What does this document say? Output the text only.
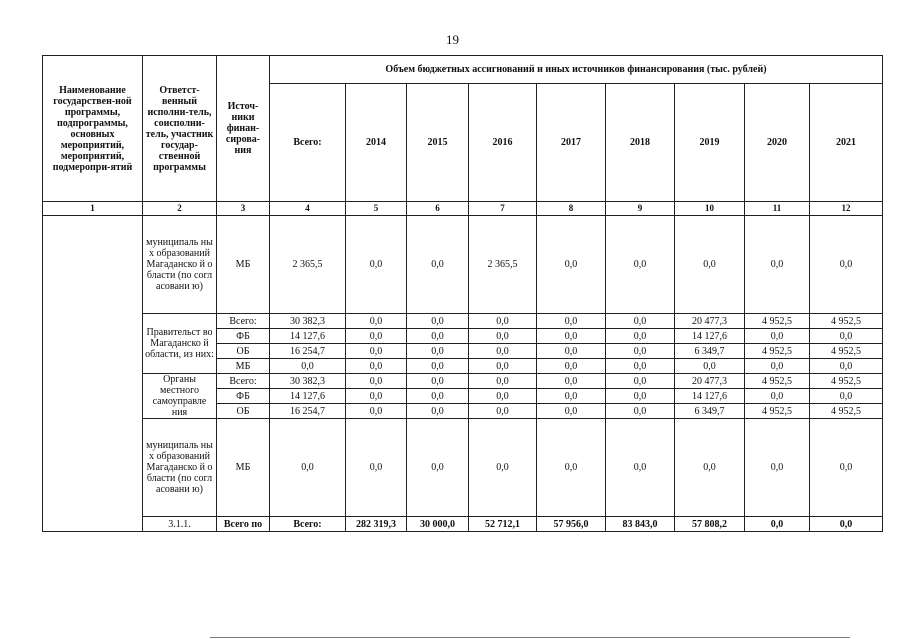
19
Наименование государствен-ной программы, подпрограммы, основных мероприятий, мероприятий, подмеропри-ятий	Ответст-венный исполни-тель, соисполни-тель, участник государ-ственной программы	Источ-ники финан-сирова-ния	Объем бюджетных ассигнований и иных источников финансирования (тыс. рублей)									
			Всего:	2014	2015	2016	2017	2018	2019	2020	2021	
1	2	3	4	5	6	7	8	9	10	11	12	
	муниципаль ных образований Магаданско й области (по согласовани ю)	МБ	2 365,5	0,0	0,0	2 365,5	0,0	0,0	0,0	0,0	0,0	
	Правительст во Магаданско й области, из них:	Всего:	30 382,3	0,0	0,0	0,0	0,0	0,0	20 477,3	4 952,5	4 952,5	
		ФБ	14 127,6	0,0	0,0	0,0	0,0	0,0	14 127,6	0,0	0,0	
		ОБ	16 254,7	0,0	0,0	0,0	0,0	0,0	6 349,7	4 952,5	4 952,5	
		МБ	0,0	0,0	0,0	0,0	0,0	0,0	0,0	0,0	0,0	
	Органы местного самоуправле ния	Всего:	30 382,3	0,0	0,0	0,0	0,0	0,0	20 477,3	4 952,5	4 952,5	
		ФБ	14 127,6	0,0	0,0	0,0	0,0	0,0	14 127,6	0,0	0,0	
		ОБ	16 254,7	0,0	0,0	0,0	0,0	0,0	6 349,7	4 952,5	4 952,5	
	муниципаль ных образований Магаданско й области (по согласовани ю)	МБ	0,0	0,0	0,0	0,0	0,0	0,0	0,0	0,0	0,0	
	3.1.1.	Всего по	Всего:	282 319,3	30 000,0	52 712,1	57 956,0	83 843,0	57 808,2	0,0	0,0	
